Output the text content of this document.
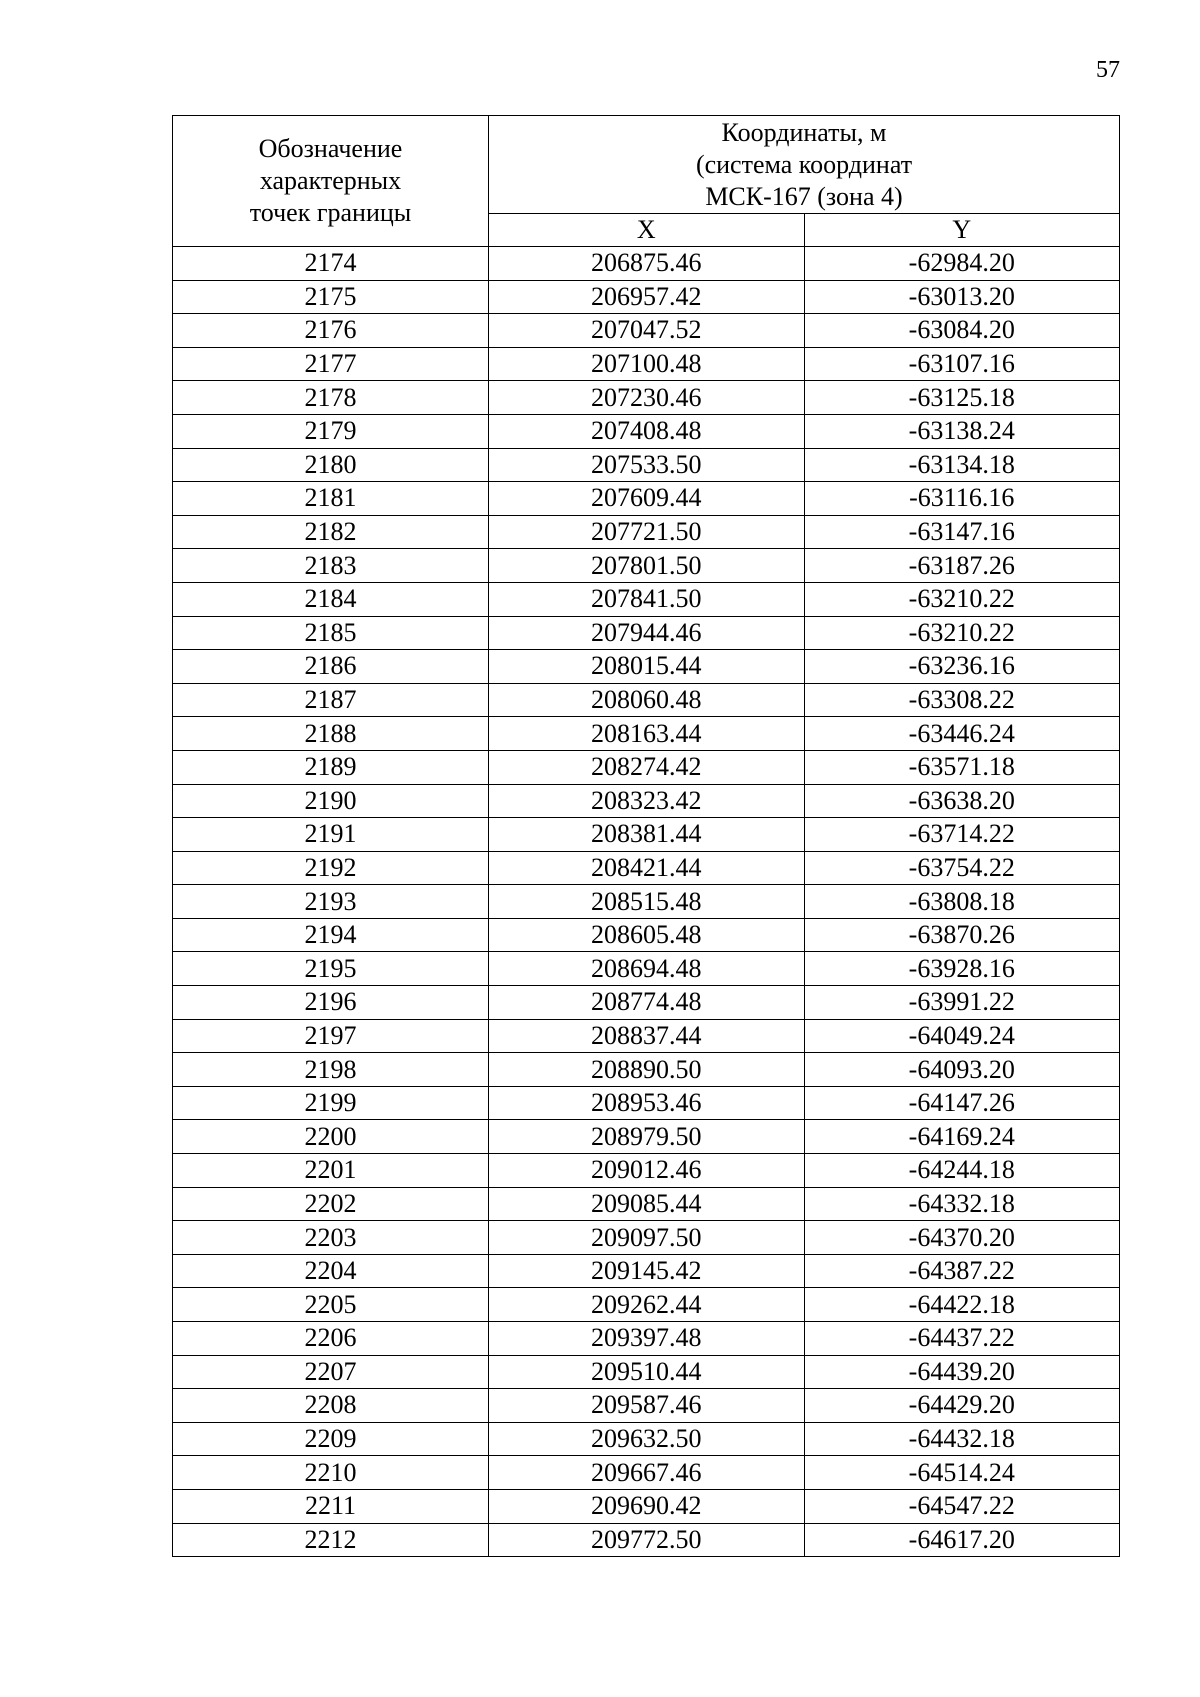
57
Обозначение
характерных
точек границы	Координаты, м
(система координат
МСК-167 (зона 4)	

	X	Y
2174	206875.46	-62984.20
2175	206957.42	-63013.20
2176	207047.52	-63084.20
2177	207100.48	-63107.16
2178	207230.46	-63125.18
2179	207408.48	-63138.24
2180	207533.50	-63134.18
2181	207609.44	-63116.16
2182	207721.50	-63147.16
2183	207801.50	-63187.26
2184	207841.50	-63210.22
2185	207944.46	-63210.22
2186	208015.44	-63236.16
2187	208060.48	-63308.22
2188	208163.44	-63446.24
2189	208274.42	-63571.18
2190	208323.42	-63638.20
2191	208381.44	-63714.22
2192	208421.44	-63754.22
2193	208515.48	-63808.18
2194	208605.48	-63870.26
2195	208694.48	-63928.16
2196	208774.48	-63991.22
2197	208837.44	-64049.24
2198	208890.50	-64093.20
2199	208953.46	-64147.26
2200	208979.50	-64169.24
2201	209012.46	-64244.18
2202	209085.44	-64332.18
2203	209097.50	-64370.20
2204	209145.42	-64387.22
2205	209262.44	-64422.18
2206	209397.48	-64437.22
2207	209510.44	-64439.20
2208	209587.46	-64429.20
2209	209632.50	-64432.18
2210	209667.46	-64514.24
2211	209690.42	-64547.22
2212	209772.50	-64617.20
